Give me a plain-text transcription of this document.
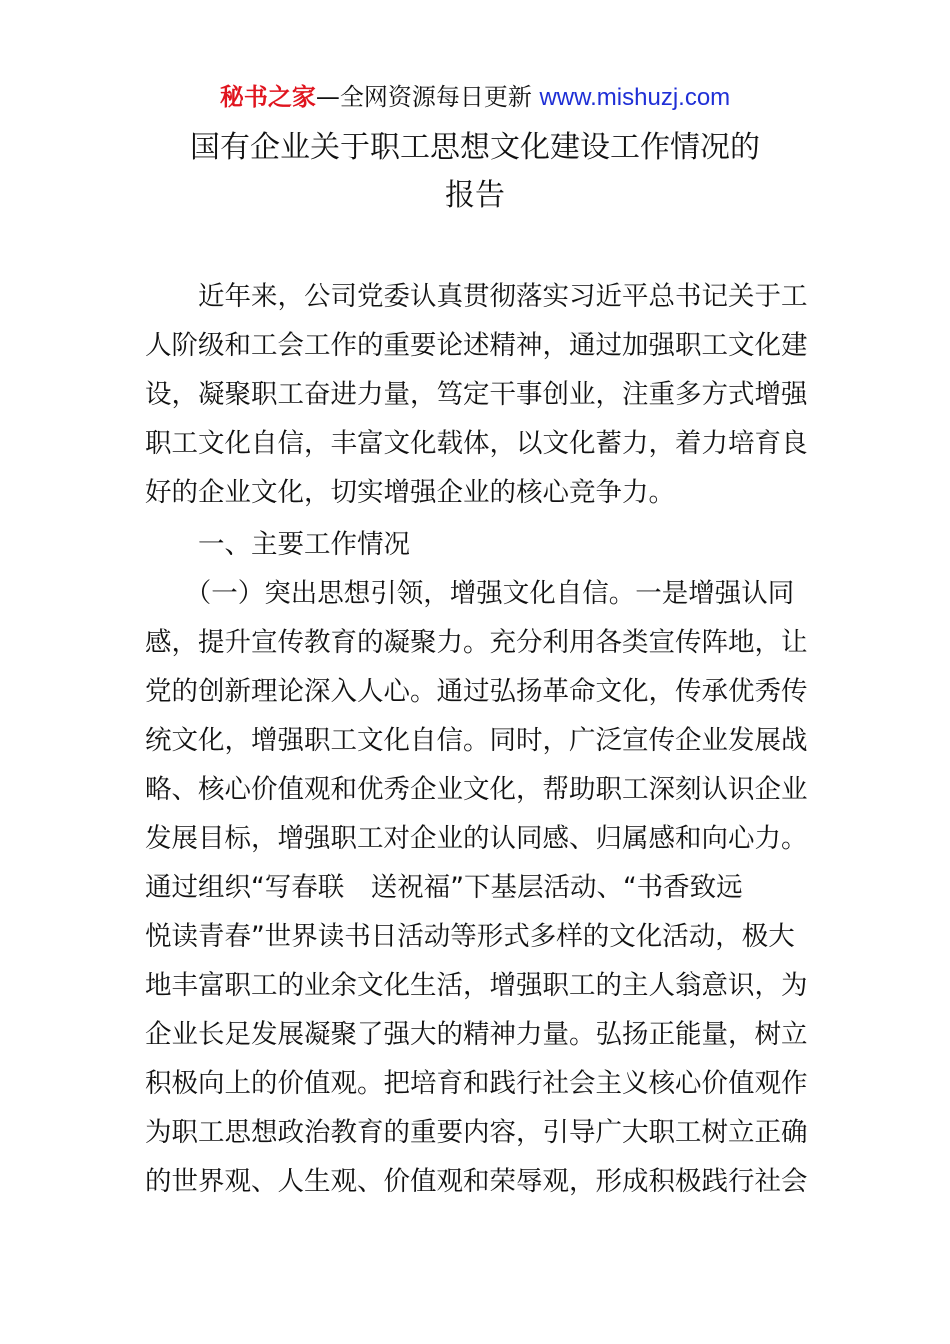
秘书之家—全网资源每日更新 www.mishuzj.com
国有企业关于职工思想文化建设工作情况的
报告
　　近年来，公司党委认真贯彻落实习近平总书记关于工
人阶级和工会工作的重要论述精神，通过加强职工文化建
设，凝聚职工奋进力量，笃定干事创业，注重多方式增强
职工文化自信，丰富文化载体，以文化蓄力，着力培育良
好的企业文化，切实增强企业的核心竞争力。
　　一、主要工作情况
　　（一）突出思想引领，增强文化自信。一是增强认同
感，提升宣传教育的凝聚力。充分利用各类宣传阵地，让
党的创新理论深入人心。通过弘扬革命文化，传承优秀传
统文化，增强职工文化自信。同时，广泛宣传企业发展战
略、核心价值观和优秀企业文化，帮助职工深刻认识企业
发展目标，增强职工对企业的认同感、归属感和向心力。
通过组织“写春联　送祝福”下基层活动、“书香致远
悦读青春”世界读书日活动等形式多样的文化活动，极大
地丰富职工的业余文化生活，增强职工的主人翁意识，为
企业长足发展凝聚了强大的精神力量。弘扬正能量，树立
积极向上的价值观。把培育和践行社会主义核心价值观作
为职工思想政治教育的重要内容，引导广大职工树立正确
的世界观、人生观、价值观和荣辱观，形成积极践行社会
